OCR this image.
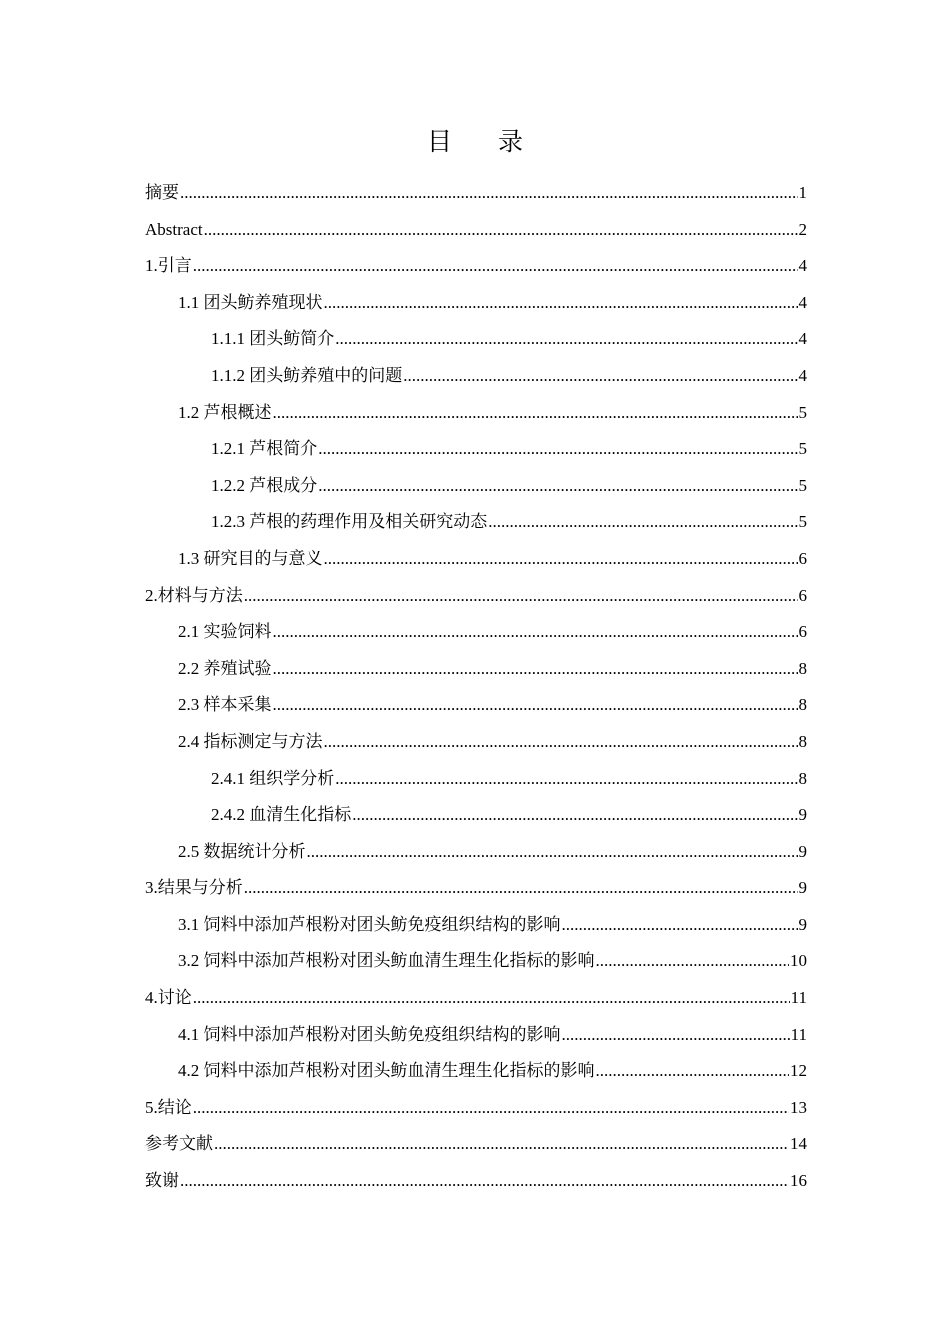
目 录
摘要 .....	1
Abstract .....	2
1.引言 .....	4
1.1 团头鲂养殖现状 .....	4
1.1.1 团头鲂简介 .....	4
1.1.2 团头鲂养殖中的问题 .....	4
1.2 芦根概述 .....	5
1.2.1 芦根简介 .....	5
1.2.2 芦根成分 .....	5
1.2.3 芦根的药理作用及相关研究动态 .....	5
1.3 研究目的与意义 .....	6
2.材料与方法 .....	6
2.1 实验饲料 .....	6
2.2 养殖试验 .....	8
2.3 样本采集 .....	8
2.4 指标测定与方法 .....	8
2.4.1 组织学分析 .....	8
2.4.2 血清生化指标 .....	9
2.5 数据统计分析 .....	9
3.结果与分析 .....	9
3.1 饲料中添加芦根粉对团头鲂免疫组织结构的影响 .....	9
3.2 饲料中添加芦根粉对团头鲂血清生理生化指标的影响 .....	10
4.讨论 .....	11
4.1 饲料中添加芦根粉对团头鲂免疫组织结构的影响 .....	11
4.2 饲料中添加芦根粉对团头鲂血清生理生化指标的影响 .....	12
5.结论 .....	13
参考文献 .....	14
致谢 .....	16
